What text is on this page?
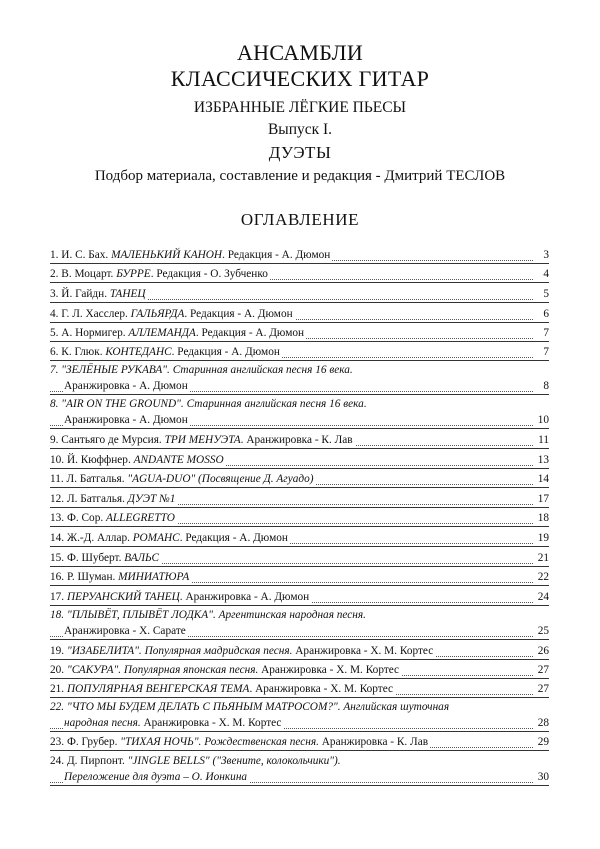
АНСАМБЛИ
КЛАССИЧЕСКИХ ГИТАР
ИЗБРАННЫЕ ЛЁГКИЕ ПЬЕСЫ
Выпуск I.
ДУЭТЫ
Подбор материала, составление и редакция - Дмитрий ТЕСЛОВ
ОГЛАВЛЕНИЕ
1. И. С. Бах. МАЛЕНЬКИЙ КАНОН. Редакция - А. Дюмон	3
2. В. Моцарт. БУРРЕ. Редакция - О. Зубченко	4
3. Й. Гайдн. ТАНЕЦ	5
4. Г. Л. Хасслер. ГАЛЬЯРДА. Редакция - А. Дюмон	6
5. А. Нормигер. АЛЛЕМАНДА. Редакция - А. Дюмон	7
6. К. Глюк. КОНТЕДАНС. Редакция - А. Дюмон	7
7. "ЗЕЛЁНЫЕ РУКАВА". Старинная английская песня 16 века.
Аранжировка - А. Дюмон	8
8. "AIR ON THE GROUND". Старинная английская песня 16 века.
Аранжировка - А. Дюмон	10
9. Сантьяго де Мурсия. ТРИ МЕНУЭТА. Аранжировка - К. Лав	11
10. Й. Кюффнер. ANDANTE MOSSO	13
11. Л. Батгалья. "AGUA-DUO" (Посвящение Д. Агуадо)	14
12. Л. Батгалья. ДУЭТ №1	17
13. Ф. Сор. ALLEGRETTO	18
14. Ж.-Д. Аллар. РОМАНС. Редакция - А. Дюмон	19
15. Ф. Шуберт. ВАЛЬС	21
16. Р. Шуман. МИНИАТЮРА	22
17. ПЕРУАНСКИЙ ТАНЕЦ. Аранжировка - А. Дюмон	24
18. "ПЛЫВЁТ, ПЛЫВЁТ ЛОДКА". Аргентинская народная песня.
Аранжировка - Х. Сарате	25
19. "ИЗАБЕЛИТА". Популярная мадридская песня. Аранжировка - Х. М. Кортес	26
20. "САКУРА". Популярная японская песня. Аранжировка - Х. М. Кортес	27
21. ПОПУЛЯРНАЯ ВЕНГЕРСКАЯ ТЕМА. Аранжировка - Х. М. Кортес	27
22. "ЧТО МЫ БУДЕМ ДЕЛАТЬ С ПЬЯНЫМ МАТРОСОМ?". Английская шуточная
народная песня. Аранжировка - Х. М. Кортес	28
23. Ф. Грубер. "ТИХАЯ НОЧЬ". Рождественская песня. Аранжировка - К. Лав	29
24. Д. Пирпонт. "JINGLE BELLS" ("Звените, колокольчики").
Переложение для дуэта – О. Ионкина	30
